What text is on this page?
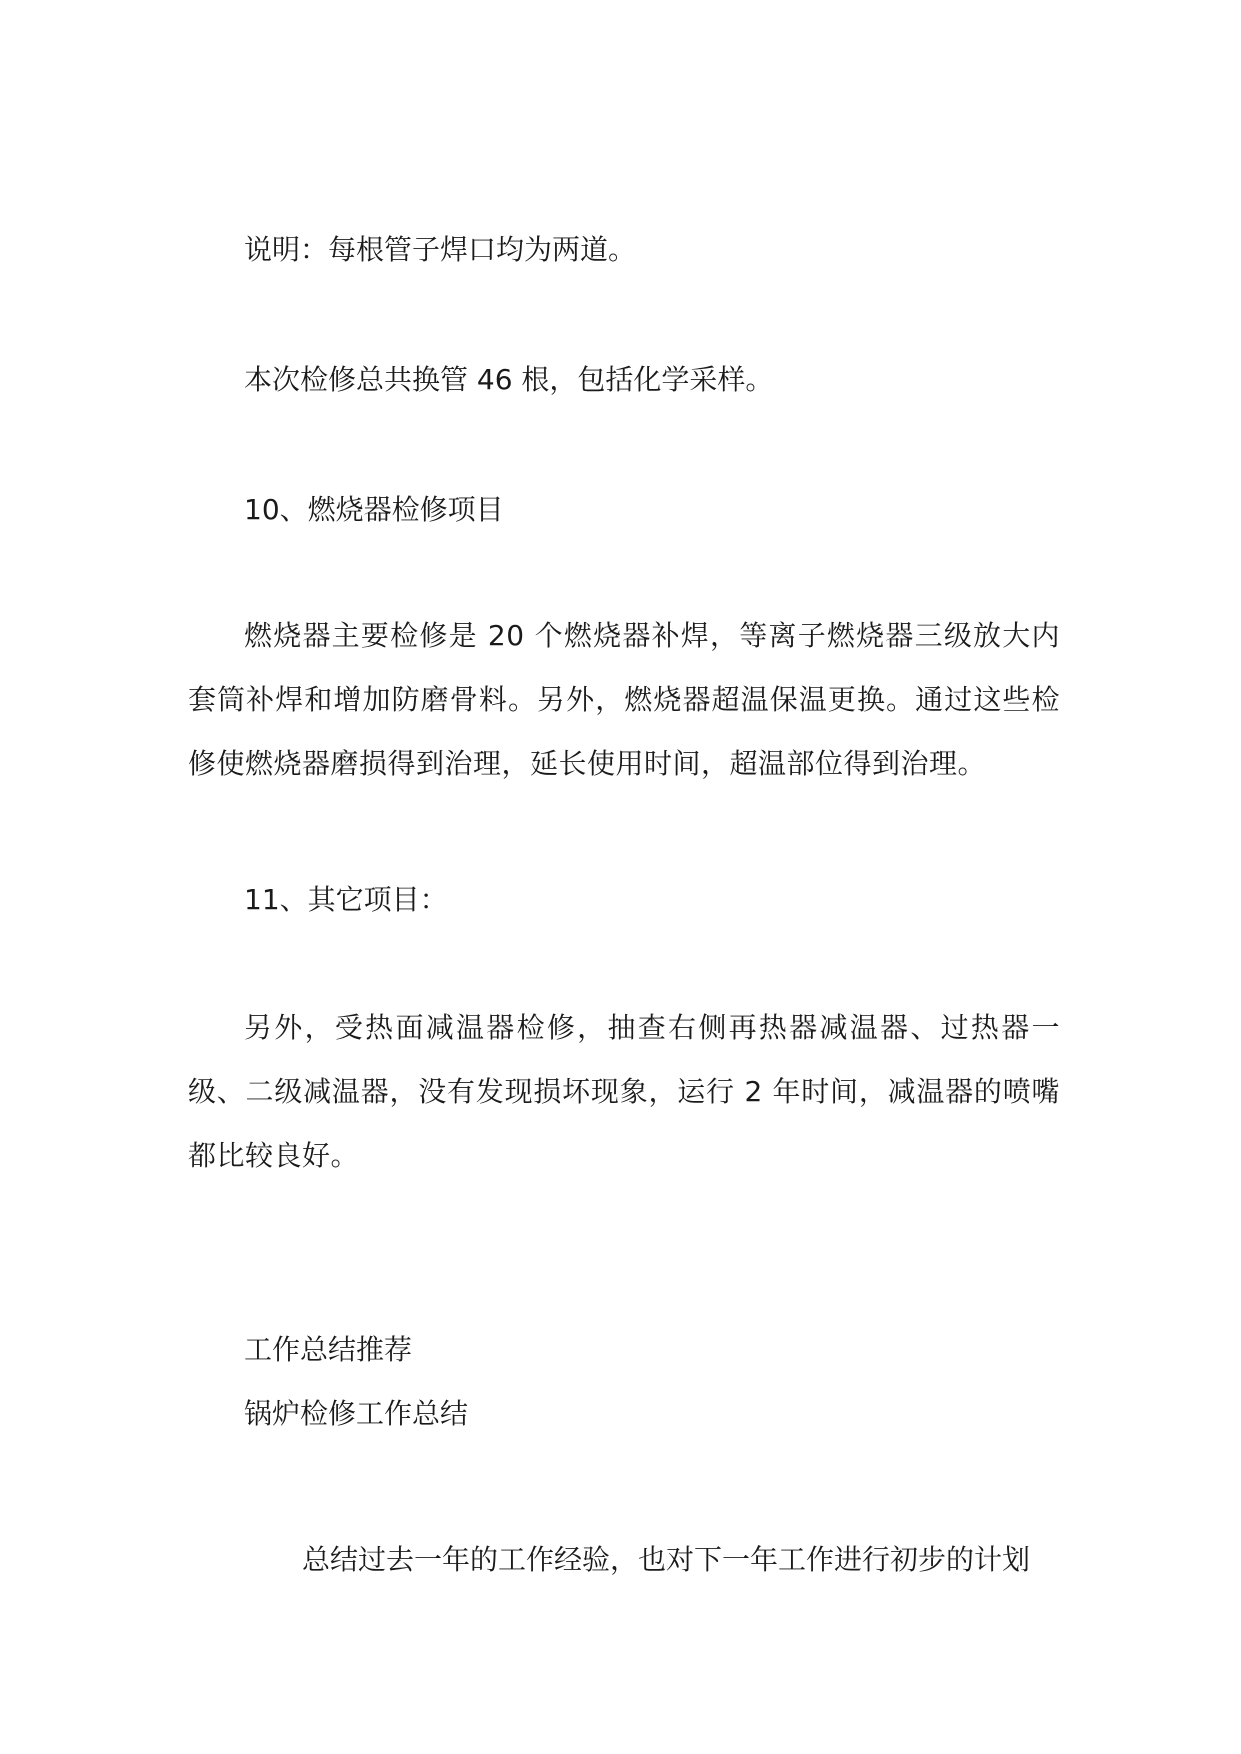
说明：每根管子焊口均为两道。

本次检修总共换管 46 根，包括化学采样。

10、燃烧器检修项目

燃烧器主要检修是 20 个燃烧器补焊，等离子燃烧器三级放大内套筒补焊和增加防磨骨料。另外，燃烧器超温保温更换。通过这些检修使燃烧器磨损得到治理，延长使用时间，超温部位得到治理。

11、其它项目：

另外，受热面减温器检修，抽查右侧再热器减温器、过热器一级、二级减温器，没有发现损坏现象，运行 2 年时间，减温器的喷嘴都比较良好。

工作总结推荐

锅炉检修工作总结

总结过去一年的工作经验，也对下一年工作进行初步的计划
